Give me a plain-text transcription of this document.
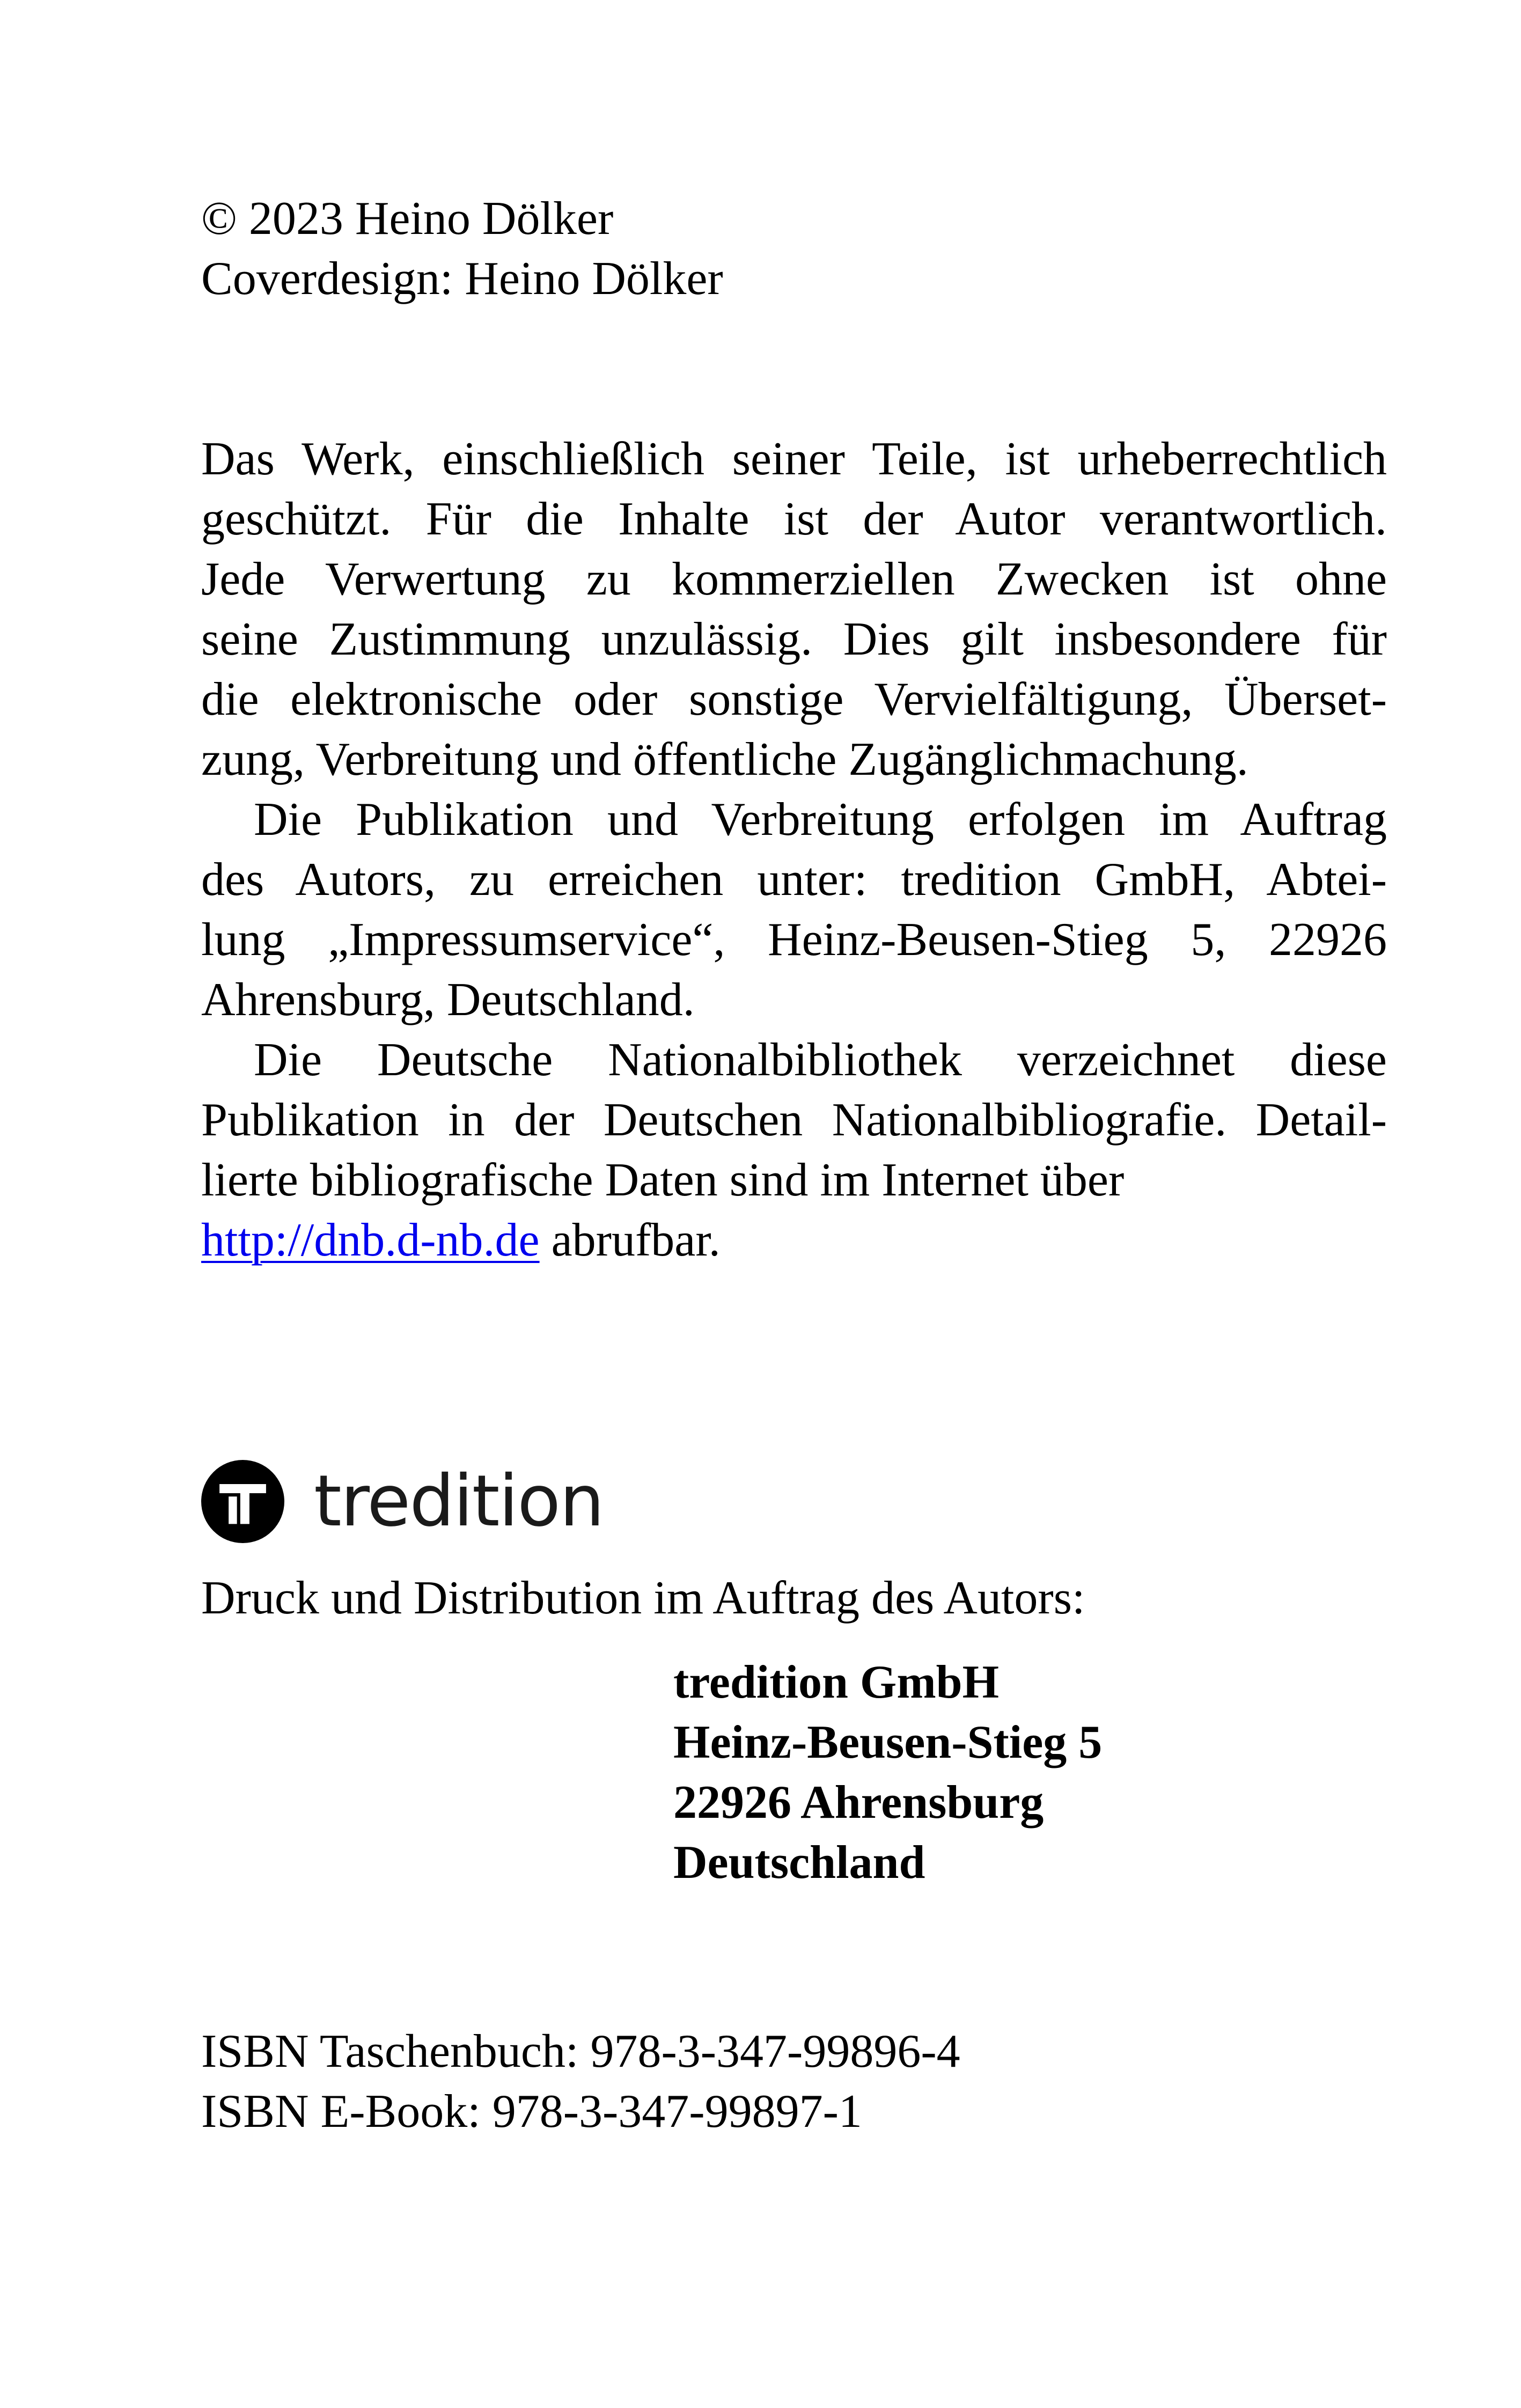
© 2023 Heino Dölker
Coverdesign: Heino Dölker
Das Werk, einschließlich seiner Teile, ist urheberrechtlich
geschützt. Für die Inhalte ist der Autor verantwortlich.
Jede Verwertung zu kommerziellen Zwecken ist ohne
seine Zustimmung unzulässig. Dies gilt insbesondere für
die elektronische oder sonstige Vervielfältigung, Überset-
zung, Verbreitung und öffentliche Zugänglichmachung.
Die Publikation und Verbreitung erfolgen im Auftrag
des Autors, zu erreichen unter: tredition GmbH, Abtei-
lung „Impressumservice“, Heinz-Beusen-Stieg 5, 22926
Ahrensburg, Deutschland.
Die Deutsche Nationalbibliothek verzeichnet diese
Publikation in der Deutschen Nationalbibliografie. Detail-
lierte bibliografische Daten sind im Internet über
http://dnb.d-nb.de abrufbar.
tredition
Druck und Distribution im Auftrag des Autors:
tredition GmbH
Heinz-Beusen-Stieg 5
22926 Ahrensburg
Deutschland
ISBN Taschenbuch: 978-3-347-99896-4
ISBN E-Book: 978-3-347-99897-1
